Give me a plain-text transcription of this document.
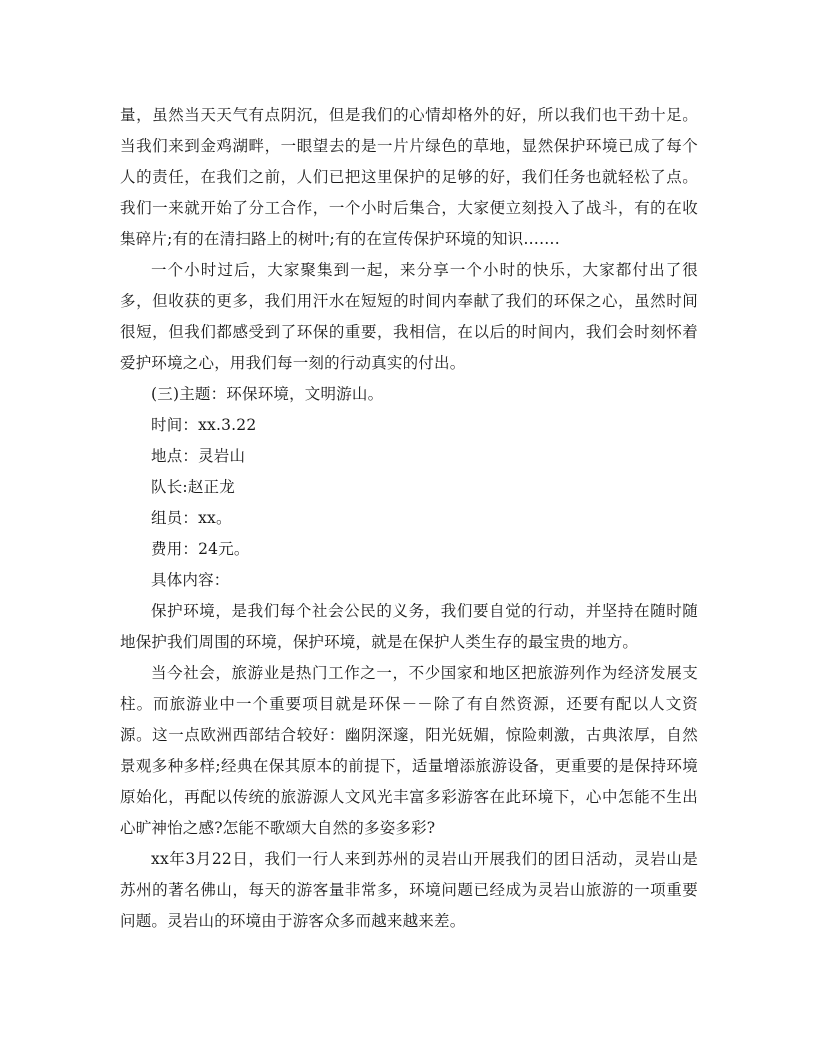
量，虽然当天天气有点阴沉，但是我们的心情却格外的好，所以我们也干劲十足。当我们来到金鸡湖畔，一眼望去的是一片片绿色的草地，显然保护环境已成了每个人的责任，在我们之前，人们已把这里保护的足够的好，我们任务也就轻松了点。我们一来就开始了分工合作，一个小时后集合，大家便立刻投入了战斗，有的在收集碎片;有的在清扫路上的树叶;有的在宣传保护环境的知识…….

一个小时过后，大家聚集到一起，来分享一个小时的快乐，大家都付出了很多，但收获的更多，我们用汗水在短短的时间内奉献了我们的环保之心，虽然时间很短，但我们都感受到了环保的重要，我相信，在以后的时间内，我们会时刻怀着爱护环境之心，用我们每一刻的行动真实的付出。

(三)主题：环保环境，文明游山。

时间：xx.3.22

地点：灵岩山

队长:赵正龙

组员：xx。

费用：24元。

具体内容：

保护环境，是我们每个社会公民的义务，我们要自觉的行动，并坚持在随时随地保护我们周围的环境，保护环境，就是在保护人类生存的最宝贵的地方。

当今社会，旅游业是热门工作之一，不少国家和地区把旅游列作为经济发展支柱。而旅游业中一个重要项目就是环保－－除了有自然资源，还要有配以人文资源。这一点欧洲西部结合较好：幽阴深邃，阳光妩媚，惊险刺激，古典浓厚，自然景观多种多样;经典在保其原本的前提下，适量增添旅游设备，更重要的是保持环境原始化，再配以传统的旅游源人文风光丰富多彩游客在此环境下，心中怎能不生出心旷神怡之感?怎能不歌颂大自然的多姿多彩?

xx年3月22日，我们一行人来到苏州的灵岩山开展我们的团日活动，灵岩山是苏州的著名佛山，每天的游客量非常多，环境问题已经成为灵岩山旅游的一项重要问题。灵岩山的环境由于游客众多而越来越来差。
